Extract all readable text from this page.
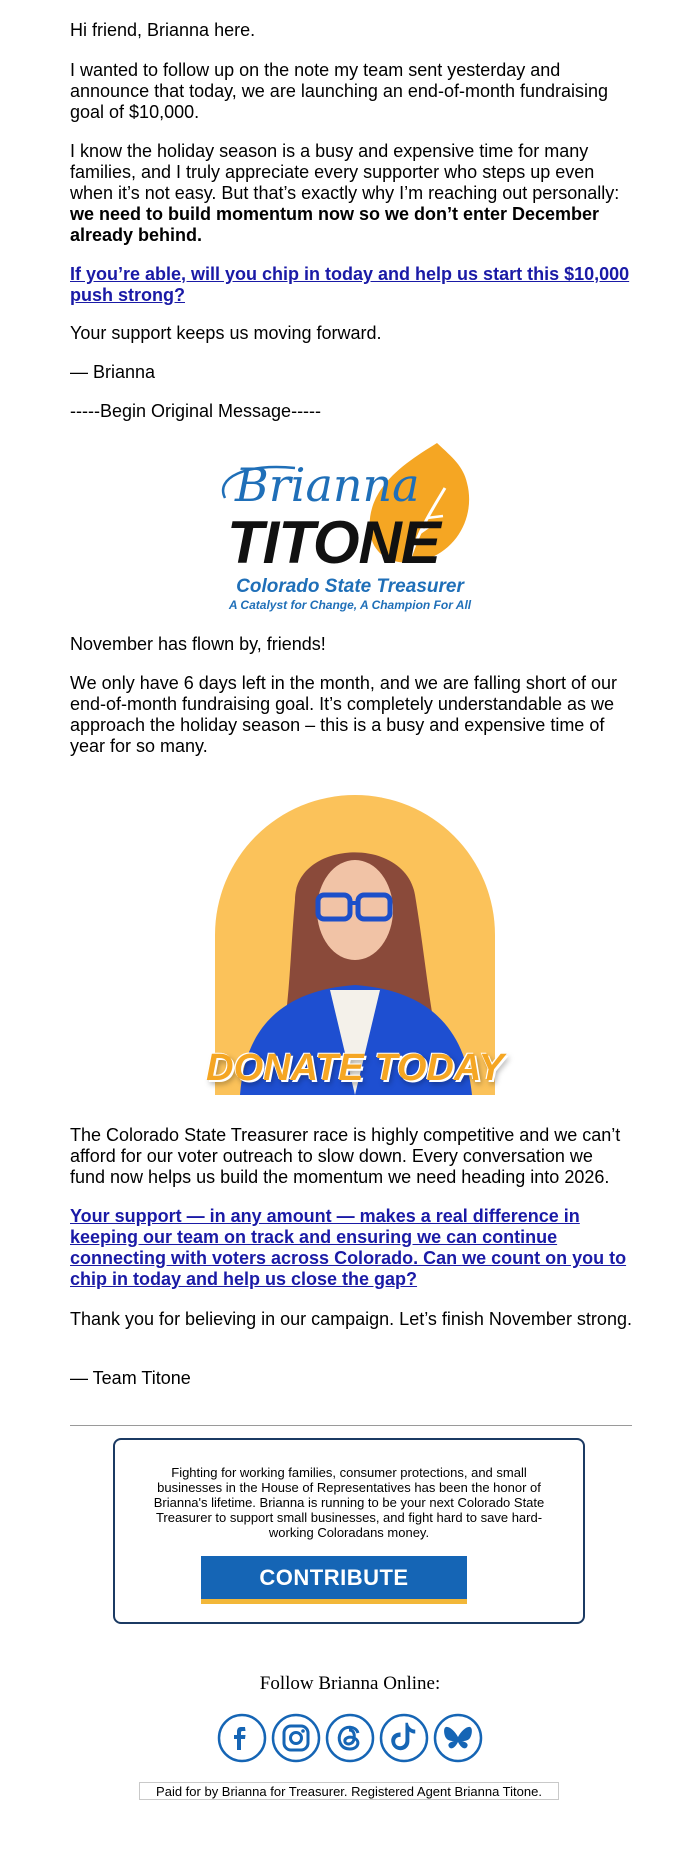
Hi friend, Brianna here.

I wanted to follow up on the note my team sent yesterday and announce that today, we are launching an end-of-month fundraising goal of $10,000.

I know the holiday season is a busy and expensive time for many families, and I truly appreciate every supporter who steps up even when it’s not easy. But that’s exactly why I’m reaching out personally: we need to build momentum now so we don’t enter December already behind.

If you’re able, will you chip in today and help us start this $10,000 push strong?

Your support keeps us moving forward.

— Brianna

-----Begin Original Message-----

Brianna
TITONE
Colorado State Treasurer
A Catalyst for Change, A Champion For All

November has flown by, friends!

We only have 6 days left in the month, and we are falling short of our end-of-month fundraising goal. It’s completely understandable as we approach the holiday season – this is a busy and expensive time of year for so many.

DONATE TODAY

The Colorado State Treasurer race is highly competitive and we can’t afford for our voter outreach to slow down. Every conversation we fund now helps us build the momentum we need heading into 2026.

Your support — in any amount — makes a real difference in keeping our team on track and ensuring we can continue connecting with voters across Colorado. Can we count on you to chip in today and help us close the gap?

Thank you for believing in our campaign. Let’s finish November strong.

— Team Titone

Fighting for working families, consumer protections, and small businesses in the House of Representatives has been the honor of Brianna's lifetime. Brianna is running to be your next Colorado State Treasurer to support small businesses, and fight hard to save hard-working Coloradans money.
CONTRIBUTE
Follow Brianna Online:
Paid for by Brianna for Treasurer. Registered Agent Brianna Titone.
